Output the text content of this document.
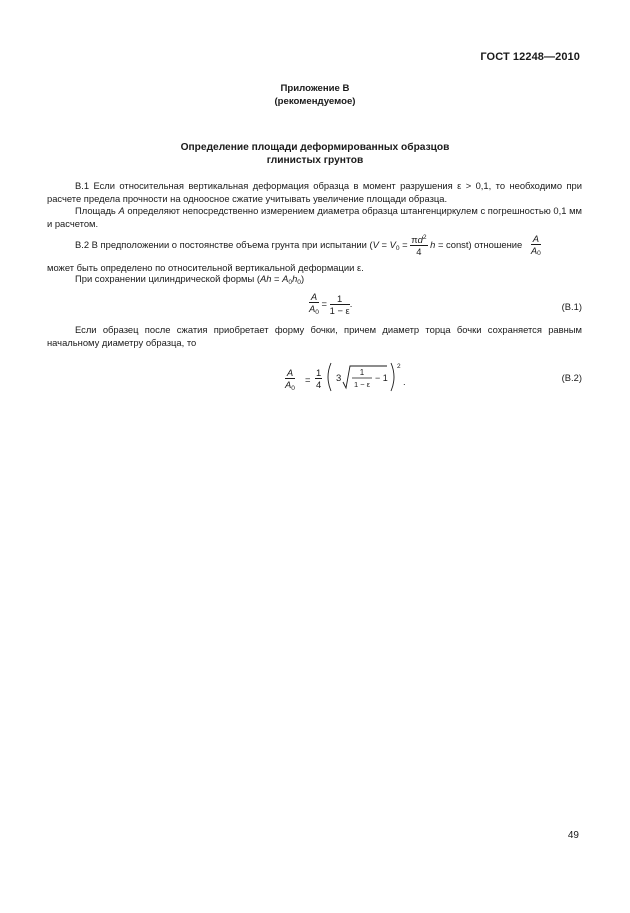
ГОСТ 12248—2010
Приложение В
(рекомендуемое)
Определение площади деформированных образцов
глинистых грунтов
В.1 Если относительная вертикальная деформация образца в момент разрушения ε > 0,1, то необходимо при расчете предела прочности на одноосное сжатие учитывать увеличение площади образца.
Площадь A определяют непосредственно измерением диаметра образца штангенциркулем с погрешностью 0,1 мм и расчетом.
В.2 В предположении о постоянстве объема грунта при испытании ($V = V_0 = \frac{\pi d^2}{4}$ h = const) отношение $\frac{A}{A0}$
может быть определено по относительной вертикальной деформации ε.
При сохранении цилиндрической формы $(Ah = A_0h_0)$
$\frac{A}{A_0} = \frac{1}{1 - \varepsilon}$ .	(В.1)
Если образец после сжатия приобретает форму бочки, причем диаметр торца бочки сохраняется равным начальному диаметру образца, то
$\frac{A}{A_0} = \frac{1}{4} 3$
1
1 − ε
− 1
2
.	(В.2)
49
